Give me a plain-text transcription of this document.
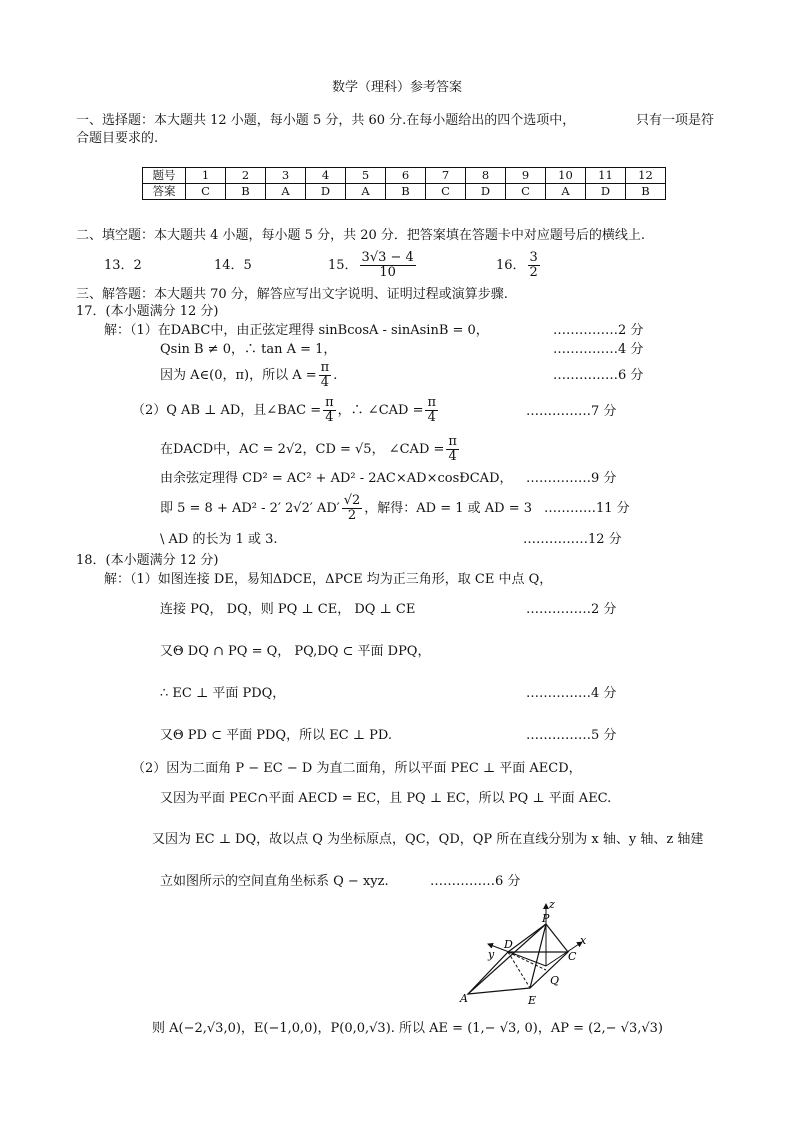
数学（理科）参考答案
一、选择题：本大题共 12 小题，每小题 5 分，共 60 分.在每小题给出的四个选项中，	只有一项是符
合题目要求的.
题号	1	2	3	4	5	6	7	8	9	10	11	12
答案	C	B	A	D	A	B	C	D	C	A	D	B
二、填空题：本大题共 4 小题，每小题 5 分，共 20 分．把答案填在答题卡中对应题号后的横线上.
13．2	14．5	15． $\frac{3√3 - 4}{10}$	16． $\frac{3}{2}$
三、解答题：本大题共 70 分，解答应写出文字说明、证明过程或演算步骤.
17．(本小题满分 12 分)
解：（1）在DABC中，由正弦定理得 sinBcosA - sinAsinB = 0，	……………2 分
Qsin B ≠ 0，∴ tan A = 1，	……………4 分
因为 A∈(0，π)，所以 $A = \frac{\pi}{4}$ .	……………6 分
（2）Q AB ⊥ AD，且∠BAC = $\frac{\pi}{4}$ ，∴ ∠CAD = $\frac{\pi}{4}$	……………7 分
在DACD中，AC = 2√2，CD = √5， ∠CAD = $\frac{\pi}{4}$
由余弦定理得 CD² = AC² + AD² - 2AC×AD×cosÐCAD， ……………9 分
即 5 = 8 + AD² - 2′ 2√2′ $AD' \frac{√2}{2}$ ，解得：AD = 1 或 AD = 3 …………11 分
\ AD 的长为 1 或 3.	……………12 分
18．(本小题满分 12 分)
解：（1）如图连接 DE，易知ΔDCE，ΔPCE 均为正三角形，取 CE 中点 Q，
连接 PQ， DQ，则 PQ ⊥ CE， DQ ⊥ CE	……………2 分
又Θ DQ ∩ PQ = Q， PQ,DQ ⊂ 平面 DPQ，
∴ EC ⊥ 平面 PDQ，	……………4 分
又Θ PD ⊂ 平面 PDQ，所以 EC ⊥ PD.	……………5 分
（2）因为二面角 P − EC − D 为直二面角，所以平面 PEC ⊥ 平面 AECD，
又因为平面 PEC∩平面 AECD = EC，且 PQ ⊥ EC，所以 PQ ⊥ 平面 AEC.
又因为 EC ⊥ DQ，故以点 Q 为坐标原点，QC，QD，QP 所在直线分别为 x 轴、y 轴、z 轴建
立如图所示的空间直角坐标系 Q − xyz.	……………6 分
z
P
D
y
x
C
Q
A	E
则 A(−2,√3,0)，E(−1,0,0)，P(0,0,√3). 所以 AE = (1,− √3, 0)，AP = (2,− √3,√3)
